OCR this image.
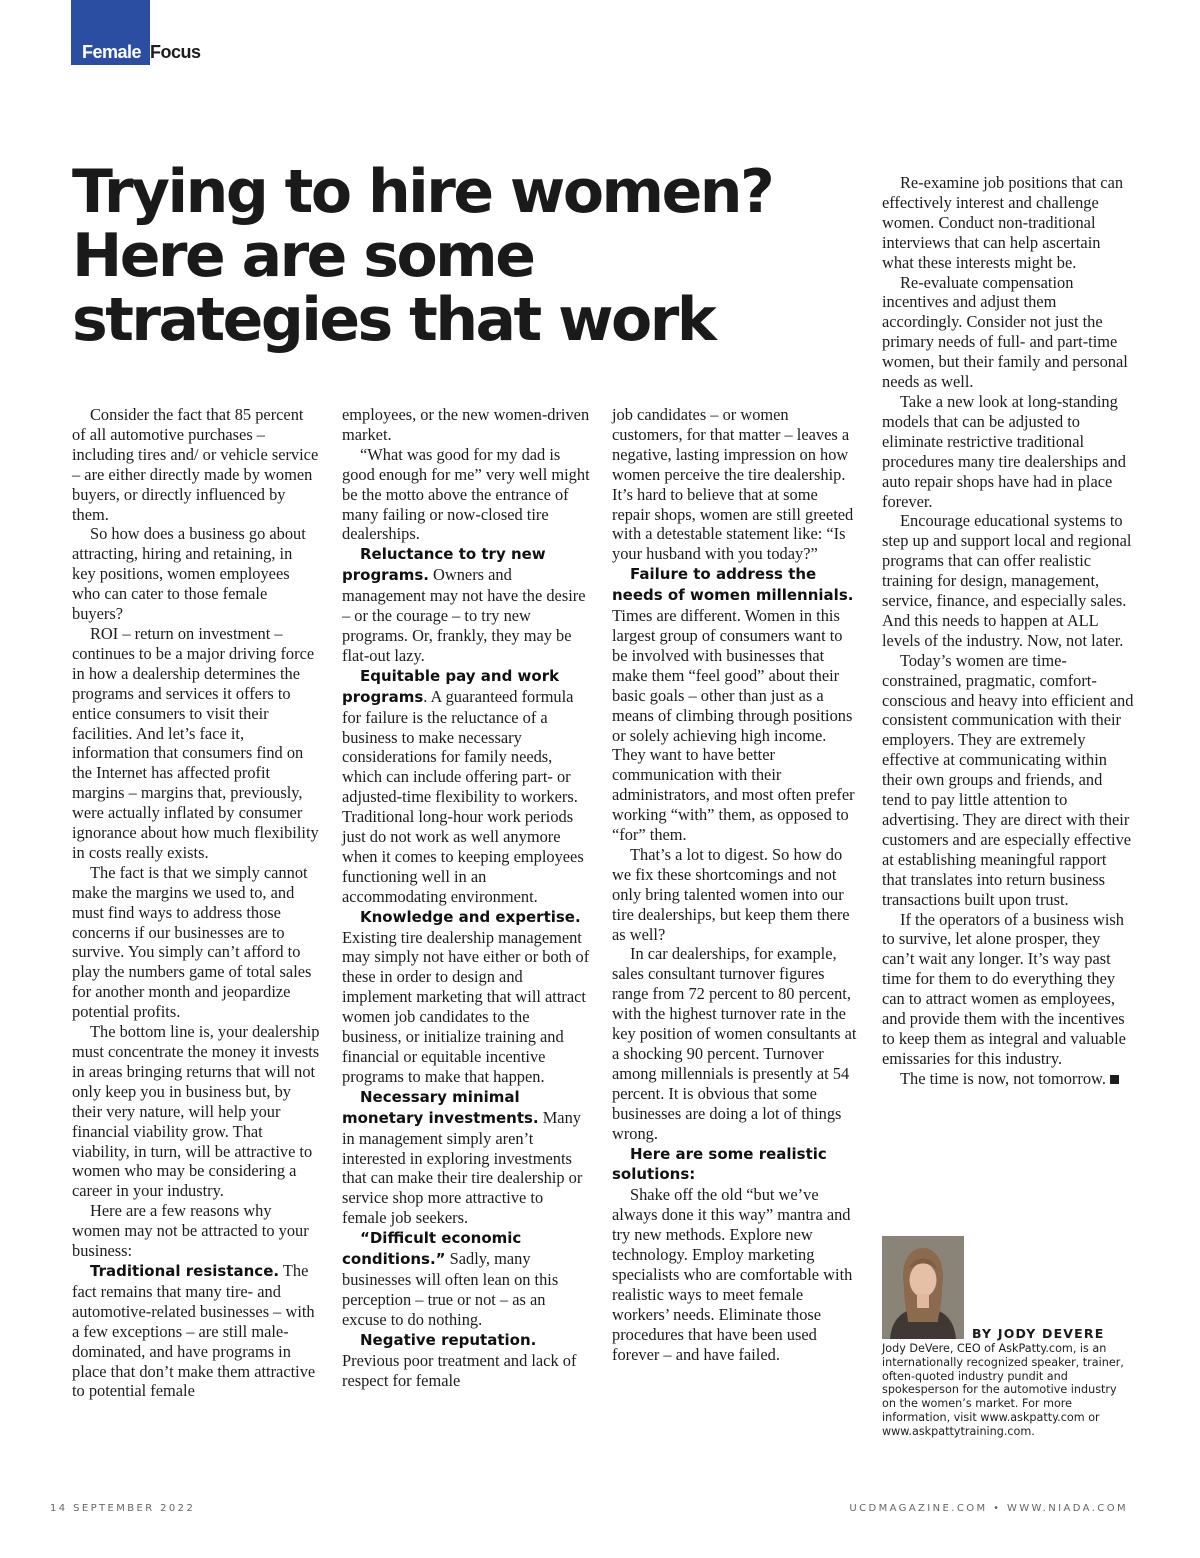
Female Focus
Trying to hire women?
Here are some
strategies that work

Consider the fact that 85 percent of all automotive purchases – including tires and/ or vehicle service – are either directly made by women buyers, or directly influenced by them.

So how does a business go about attracting, hiring and retaining, in key positions, women employees who can cater to those female buyers?

ROI – return on investment – continues to be a major driving force in how a dealership determines the programs and services it offers to entice consumers to visit their facilities. And let’s face it, information that consumers find on the Internet has affected profit margins – margins that, previously, were actually inflated by consumer ignorance about how much flexibility in costs really exists.

The fact is that we simply cannot make the margins we used to, and must find ways to address those concerns if our businesses are to survive. You simply can’t afford to play the numbers game of total sales for another month and jeopardize potential profits.

The bottom line is, your dealership must concentrate the money it invests in areas bringing returns that will not only keep you in business but, by their very nature, will help your financial viability grow. That viability, in turn, will be attractive to women who may be considering a career in your industry.

Here are a few reasons why women may not be attracted to your business:

Traditional resistance. The fact remains that many tire- and automotive-related businesses – with a few exceptions – are still male-dominated, and have programs in place that don’t make them attractive to potential female

employees, or the new women-driven market.

“What was good for my dad is good enough for me” very well might be the motto above the entrance of many failing or now-closed tire dealerships.

Reluctance to try new programs. Owners and management may not have the desire – or the courage – to try new programs. Or, frankly, they may be flat-out lazy.

Equitable pay and work programs. A guaranteed formula for failure is the reluctance of a business to make necessary considerations for family needs, which can include offering part- or adjusted-time flexibility to workers. Traditional long-hour work periods just do not work as well anymore when it comes to keeping employees functioning well in an accommodating environment.

Knowledge and expertise. Existing tire dealership management may simply not have either or both of these in order to design and implement marketing that will attract women job candidates to the business, or initialize training and financial or equitable incentive programs to make that happen.

Necessary minimal monetary investments. Many in management simply aren’t interested in exploring investments that can make their tire dealership or service shop more attractive to female job seekers.

“Difficult economic conditions.” Sadly, many businesses will often lean on this perception – true or not – as an excuse to do nothing.

Negative reputation. Previous poor treatment and lack of respect for female

job candidates – or women customers, for that matter – leaves a negative, lasting impression on how women perceive the tire dealership. It’s hard to believe that at some repair shops, women are still greeted with a detestable statement like: “Is your husband with you today?”

Failure to address the needs of women millennials. Times are different. Women in this largest group of consumers want to be involved with businesses that make them “feel good” about their basic goals – other than just as a means of climbing through positions or solely achieving high income. They want to have better communication with their administrators, and most often prefer working “with” them, as opposed to “for” them.

That’s a lot to digest. So how do we fix these shortcomings and not only bring talented women into our tire dealerships, but keep them there as well?

In car dealerships, for example, sales consultant turnover figures range from 72 percent to 80 percent, with the highest turnover rate in the key position of women consultants at a shocking 90 percent. Turnover among millennials is presently at 54 percent. It is obvious that some businesses are doing a lot of things wrong.

Here are some realistic solutions:

Shake off the old “but we’ve always done it this way” mantra and try new methods. Explore new technology. Employ marketing specialists who are comfortable with realistic ways to meet female workers’ needs. Eliminate those procedures that have been used forever – and have failed.

Re-examine job positions that can effectively interest and challenge women. Conduct non-traditional interviews that can help ascertain what these interests might be.

Re-evaluate compensation incentives and adjust them accordingly. Consider not just the primary needs of full- and part-time women, but their family and personal needs as well.

Take a new look at long-standing models that can be adjusted to eliminate restrictive traditional procedures many tire dealerships and auto repair shops have had in place forever.

Encourage educational systems to step up and support local and regional programs that can offer realistic training for design, management, service, finance, and especially sales. And this needs to happen at ALL levels of the industry. Now, not later.

Today’s women are time-constrained, pragmatic, comfort-conscious and heavy into efficient and consistent communication with their employers. They are extremely effective at communicating within their own groups and friends, and tend to pay little attention to advertising. They are direct with their customers and are especially effective at establishing meaningful rapport that translates into return business transactions built upon trust.

If the operators of a business wish to survive, let alone prosper, they can’t wait any longer. It’s way past time for them to do everything they can to attract women as employees, and provide them with the incentives to keep them as integral and valuable emissaries for this industry.

The time is now, not tomorrow.

BY JODY DEVERE

Jody DeVere, CEO of AskPatty.com, is an internationally recognized speaker, trainer, often-quoted industry pundit and spokesperson for the automotive industry on the women’s market. For more information, visit www.askpatty.com or www.askpattytraining.com.

14 SEPTEMBER 2022	UCDMAGAZINE.COM • WWW.NIADA.COM
